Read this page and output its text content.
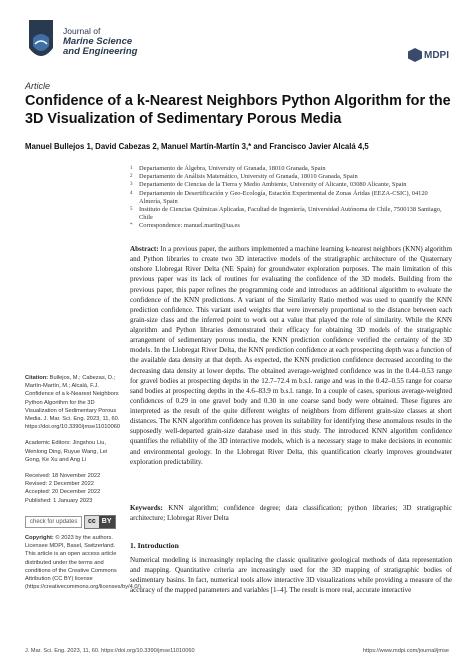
Journal of
Marine Science
and Engineering	MDPI
Article
Confidence of a k-Nearest Neighbors Python Algorithm for the 3D Visualization of Sedimentary Porous Media
Manuel Bullejos 1, David Cabezas 2, Manuel Martín-Martín 3,* and Francisco Javier Alcalá 4,5
1	Departamento de Álgebra, University of Granada, 18010 Granada, Spain
2	Departamento de Análisis Matemático, University of Granada, 18010 Granada, Spain
3	Departamento de Ciencias de la Tierra y Medio Ambiente, University of Alicante, 03080 Alicante, Spain
4	Departamento de Desertificación y Geo-Ecología, Estación Experimental de Zonas Áridas (EEZA-CSIC), 04120 Almería, Spain
5	Instituto de Ciencias Químicas Aplicadas, Facultad de Ingeniería, Universidad Autónoma de Chile, 7500138 Santiago, Chile
*	Correspondence: manuel.martin@ua.es
Abstract: In a previous paper, the authors implemented a machine learning k-nearest neighbors (KNN) algorithm and Python libraries to create two 3D interactive models of the stratigraphic architecture of the Quaternary onshore Llobregat River Delta (NE Spain) for groundwater exploration purposes. The main limitation of this previous paper was its lack of routines for evaluating the confidence of the 3D models. Building from the previous paper, this paper refines the programming code and introduces an additional algorithm to evaluate the confidence of the KNN predictions. A variant of the Similarity Ratio method was used to quantify the KNN prediction confidence. This variant used weights that were inversely proportional to the distance between each grain-size class and the inferred point to work out a value that played the role of similarity. While the KNN algorithm and Python libraries demonstrated their efficacy for obtaining 3D models of the stratigraphic arrangement of sedimentary porous media, the KNN prediction confidence verified the certainty of the 3D models. In the Llobregat River Delta, the KNN prediction confidence at each prospecting depth was a function of the available data density at that depth. As expected, the KNN prediction confidence decreased according to the decreasing data density at lower depths. The obtained average-weighted confidence was in the 0.44–0.53 range for gravel bodies at prospecting depths in the 12.7–72.4 m b.s.l. range and was in the 0.42–0.55 range for coarse sand bodies at prospecting depths in the 4.6–83.9 m b.s.l. range. In a couple of cases, spurious average-weighted confidences of 0.29 in one gravel body and 0.30 in one coarse sand body were obtained. These figures are interpreted as the result of the quite different weights of neighbors from different grain-size classes at short distances. The KNN algorithm confidence has proven its suitability for identifying these anomalous results in the supposedly well-departed grain-size database used in this study. The introduced KNN algorithm confidence quantifies the reliability of the 3D interactive models, which is a necessary stage to make decisions in economic and environmental geology. In the Llobregat River Delta, this quantification clearly improves groundwater exploration predictability.
Keywords: KNN algorithm; confidence degree; data classification; python libraries; 3D stratigraphic architecture; Llobregat River Delta
Citation: Bullejos, M.; Cabezas, D.; Martín-Martín, M.; Alcalá, F.J. Confidence of a k-Nearest Neighbors Python Algorithm for the 3D Visualization of Sedimentary Porous Media. J. Mar. Sci. Eng. 2023, 11, 60. https://doi.org/10.3390/jmse11010060
Academic Editors: Jingshou Liu, Wenlong Ding, Ruyue Wang, Lei Gong, Ke Xu and Ang Li
Received: 18 November 2022
Revised: 2 December 2022
Accepted: 20 December 2022
Published: 1 January 2023
check for updates	cc BY
Copyright: © 2023 by the authors. Licensee MDPI, Basel, Switzerland. This article is an open access article distributed under the terms and conditions of the Creative Commons Attribution (CC BY) license (https://creativecommons.org/licenses/by/4.0/).
1. Introduction
Numerical modeling is increasingly replacing the classic qualitative geological methods of data representation and mapping. Quantitative criteria are increasingly used for the 3D mapping of stratigraphic bodies of sedimentary basins. In fact, numerical tools allow interactive 3D visualizations while providing a measure of the accuracy of the mapped parameters and variables [1–4]. The result is more real, accurate interactive
J. Mar. Sci. Eng. 2023, 11, 60. https://doi.org/10.3390/jmse11010060	https://www.mdpi.com/journal/jmse
